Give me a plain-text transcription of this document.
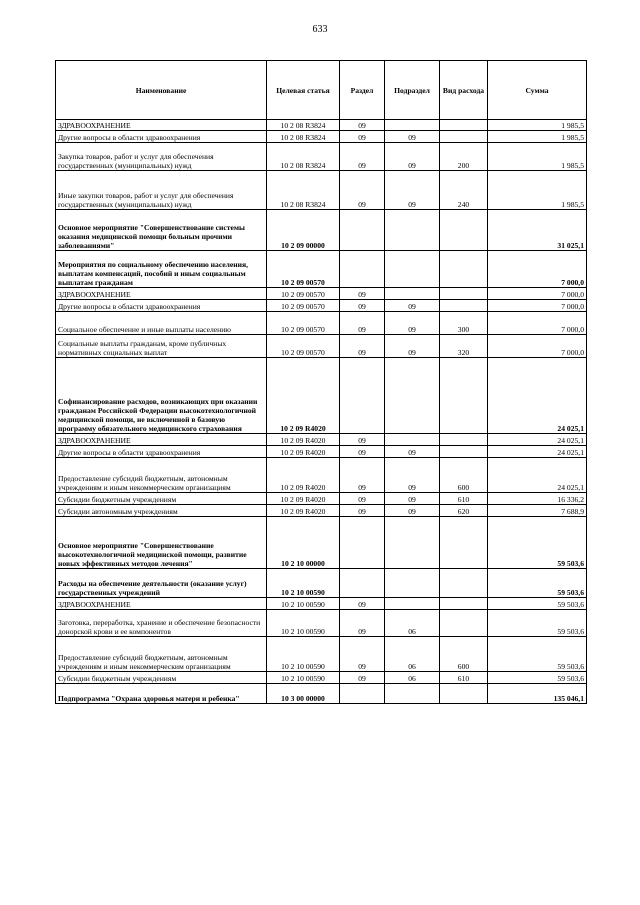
633
Наименование	Целевая статья	Раздел	Подраздел	Вид расхода	Сумма
ЗДРАВООХРАНЕНИЕ	10 2 08 R3824	09			1 985,5
Другие вопросы в области здравоохранения	10 2 08 R3824	09	09		1 985,5
Закупка товаров, работ и услуг для обеспечения государственных (муниципальных) нужд	10 2 08 R3824	09	09	200	1 985,5
Иные закупки товаров, работ и услуг для обеспечения государственных (муниципальных) нужд	10 2 08 R3824	09	09	240	1 985,5
Основное мероприятие "Совершенствование системы оказания медицинской помощи больным прочими заболеваниями"	10 2 09 00000				31 025,1
Мероприятия по социальному обеспечению населения, выплатам компенсаций, пособий и иным социальным выплатам гражданам	10 2 09 00570				7 000,0
ЗДРАВООХРАНЕНИЕ	10 2 09 00570	09			7 000,0
Другие вопросы в области здравоохранения	10 2 09 00570	09	09		7 000,0
Социальное обеспечение и иные выплаты населению	10 2 09 00570	09	09	300	7 000,0
Социальные выплаты гражданам, кроме публичных нормативных социальных выплат	10 2 09 00570	09	09	320	7 000,0
Софинансирование расходов, возникающих при оказании гражданам Российской Федерации высокотехнологичной медицинской помощи, не включенной в базовую программу обязательного медицинского страхования	10 2 09 R4020				24 025,1
ЗДРАВООХРАНЕНИЕ	10 2 09 R4020	09			24 025,1
Другие вопросы в области здравоохранения	10 2 09 R4020	09	09		24 025,1
Предоставление субсидий бюджетным, автономным учреждениям и иным некоммерческим организациям	10 2 09 R4020	09	09	600	24 025,1
Субсидии бюджетным учреждениям	10 2 09 R4020	09	09	610	16 336,2
Субсидии автономным учреждениям	10 2 09 R4020	09	09	620	7 688,9
Основное мероприятие "Совершенствование высокотехнологичной медицинской помощи, развитие новых эффективных методов лечения"	10 2 10 00000				59 503,6
Расходы на обеспечение деятельности (оказание услуг) государственных учреждений	10 2 10 00590				59 503,6
ЗДРАВООХРАНЕНИЕ	10 2 10 00590	09			59 503,6
Заготовка, переработка, хранение и обеспечение безопасности донорской крови и ее компонентов	10 2 10 00590	09	06		59 503,6
Предоставление субсидий бюджетным, автономным учреждениям и иным некоммерческим организациям	10 2 10 00590	09	06	600	59 503,6
Субсидии бюджетным учреждениям	10 2 10 00590	09	06	610	59 503,6
Подпрограмма "Охрана здоровья матери и ребенка"	10 3 00 00000				135 046,1
